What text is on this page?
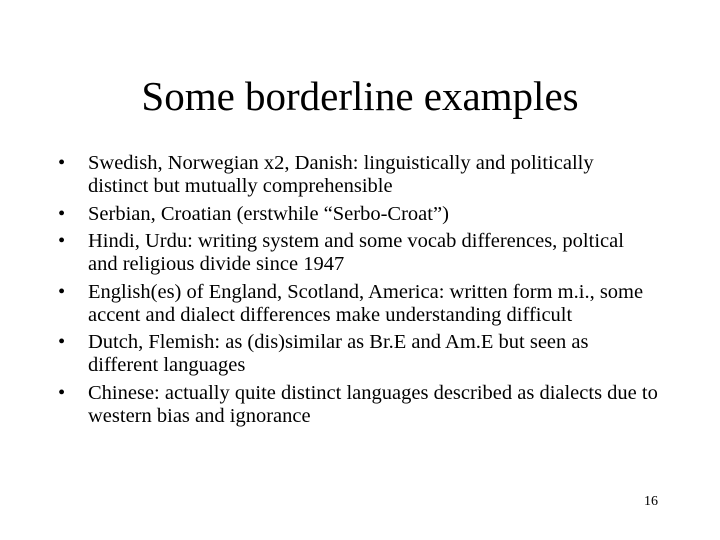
Some borderline examples
•	Swedish, Norwegian x2, Danish: linguistically and politically distinct but mutually comprehensible
•	Serbian, Croatian (erstwhile “Serbo-Croat”)
•	Hindi, Urdu: writing system and some vocab differences, poltical and religious divide since 1947
•	English(es) of England, Scotland, America: written form m.i., some accent and dialect differences make understanding difficult
•	Dutch, Flemish: as (dis)similar as Br.E and Am.E but seen as different languages
•	Chinese: actually quite distinct languages described as dialects due to western bias and ignorance
16
